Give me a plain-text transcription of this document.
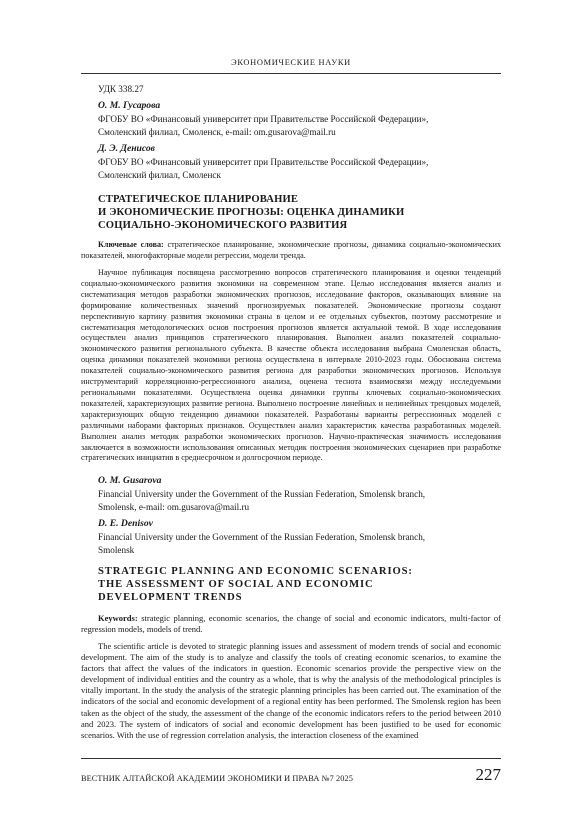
ЭКОНОМИЧЕСКИЕ НАУКИ
УДК 338.27
О. М. Гусарова
ФГОБУ ВО «Финансовый университет при Правительстве Российской Федерации»,
Смоленский филиал, Смоленск, e-mail: om.gusarova@mail.ru
Д. Э. Денисов
ФГОБУ ВО «Финансовый университет при Правительстве Российской Федерации»,
Смоленский филиал, Смоленск
СТРАТЕГИЧЕСКОЕ ПЛАНИРОВАНИЕ
И ЭКОНОМИЧЕСКИЕ ПРОГНОЗЫ: ОЦЕНКА ДИНАМИКИ
СОЦИАЛЬНО-ЭКОНОМИЧЕСКОГО РАЗВИТИЯ

Ключевые слова: стратегическое планирование, экономические прогнозы, динамика социально-экономических показателей, многофакторные модели регрессии, модели тренда.

Научное публикация посвящена рассмотрению вопросов стратегического планирования и оценки тенденций социально-экономического развития экономики на современном этапе. Целью исследования является анализ и систематизация методов разработки экономических прогнозов, исследование факторов, оказывающих влияние на формирование количественных значений прогнозируемых показателей. Экономические прогнозы создают перспективную картину развития экономики страны в целом и ее отдельных субъектов, поэтому рассмотрение и систематизация методологических основ построения прогнозов является актуальной темой. В ходе исследования осуществлен анализ принципов стратегического планирования. Выполнен анализ показателей социально-экономического развития регионального субъекта. В качестве объекта исследования выбрана Смоленская область, оценка динамики показателей экономики региона осуществлена в интервале 2010-2023 годы. Обоснована система показателей социально-экономического развития региона для разработки экономических прогнозов. Используя инструментарий корреляционно-регрессионного анализа, оценена теснота взаимосвязи между исследуемыми региональными показателями. Осуществлена оценка динамики группы ключевых социально-экономических показателей, характеризующих развитие региона. Выполнено построение линейных и нелинейных трендовых моделей, характеризующих общую тенденцию динамики показателей. Разработаны варианты регрессионных моделей с различными наборами факторных признаков. Осуществлен анализ характеристик качества разработанных моделей. Выполнен анализ методик разработки экономических прогнозов. Научно-практическая значимость исследования заключается в возможности использования описанных методик построения экономических сценариев при разработке стратегических инициатив в среднесрочном и долгосрочном периоде.

O. M. Gusarova
Financial University under the Government of the Russian Federation, Smolensk branch,
Smolensk, e-mail: om.gusarova@mail.ru
D. E. Denisov
Financial University under the Government of the Russian Federation, Smolensk branch,
Smolensk
STRATEGIC PLANNING AND ECONOMIC SCENARIOS:
THE ASSESSMENT OF SOCIAL AND ECONOMIC
DEVELOPMENT TRENDS

Keywords: strategic planning, economic scenarios, the change of social and economic indicators, multi-factor of regression models, models of trend.

The scientific article is devoted to strategic planning issues and assessment of modern trends of social and economic development. The aim of the study is to analyze and classify the tools of creating economic scenarios, to examine the factors that affect the values of the indicators in question. Economic scenarios provide the perspective view on the development of individual entities and the country as a whole, that is why the analysis of the methodological principles is vitally important. In the study the analysis of the strategic planning principles has been carried out. The examination of the indicators of the social and economic development of a regional entity has been performed. The Smolensk region has been taken as the object of the study, the assessment of the change of the economic indicators refers to the period between 2010 and 2023. The system of indicators of social and economic development has been justified to be used for economic scenarios. With the use of regression correlation analysis, the interaction closeness of the examined

ВЕСТНИК АЛТАЙСКОЙ АКАДЕМИИ ЭКОНОМИКИ И ПРАВА №7 2025	227
